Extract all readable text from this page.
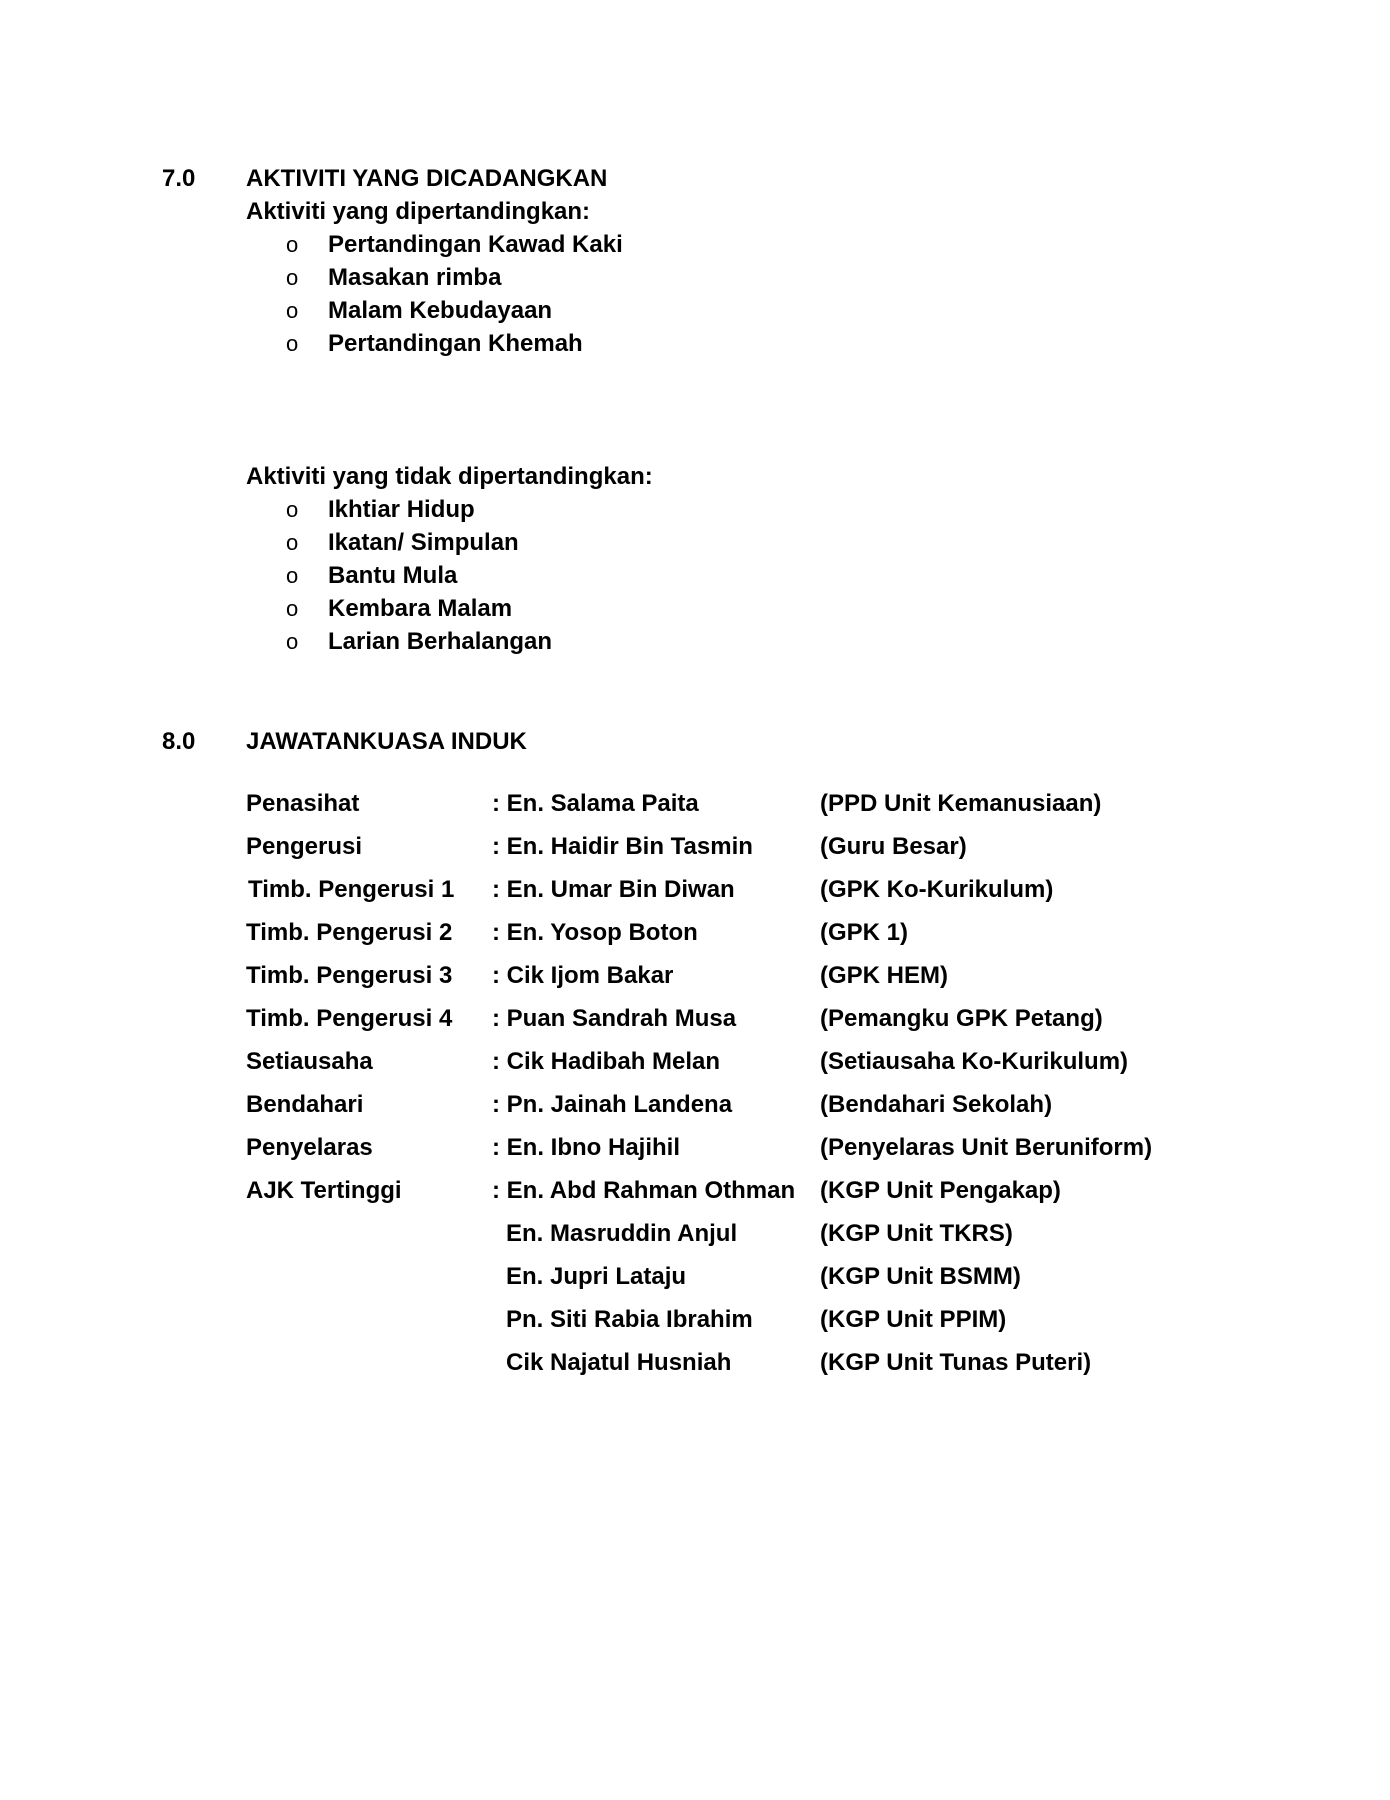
7.0 AKTIVITI YANG DICADANGKAN
Aktiviti yang dipertandingkan:
o Pertandingan Kawad Kaki
o Masakan rimba
o Malam Kebudayaan
o Pertandingan Khemah
Aktiviti yang tidak dipertandingkan:
o Ikhtiar Hidup
o Ikatan/ Simpulan
o Bantu Mula
o Kembara Malam
o Larian Berhalangan
8.0 JAWATANKUASA INDUK
Penasihat	: En. Salama Paita	(PPD Unit Kemanusiaan)
Pengerusi	: En. Haidir Bin Tasmin	(Guru Besar)
Timb. Pengerusi 1 : En. Umar Bin Diwan	(GPK Ko-Kurikulum)
Timb. Pengerusi 2 : En. Yosop Boton	(GPK 1)
Timb. Pengerusi 3 : Cik Ijom Bakar	(GPK HEM)
Timb. Pengerusi 4 : Puan Sandrah Musa	(Pemangku GPK Petang)
Setiausaha	: Cik Hadibah Melan	(Setiausaha Ko-Kurikulum)
Bendahari	: Pn. Jainah Landena	(Bendahari Sekolah)
Penyelaras	: En. Ibno Hajihil	(Penyelaras Unit Beruniform)
AJK Tertinggi	: En. Abd Rahman Othman (KGP Unit Pengakap)
En. Masruddin Anjul	(KGP Unit TKRS)
En. Jupri Lataju	(KGP Unit BSMM)
Pn. Siti Rabia Ibrahim	(KGP Unit PPIM)
Cik Najatul Husniah	(KGP Unit Tunas Puteri)
